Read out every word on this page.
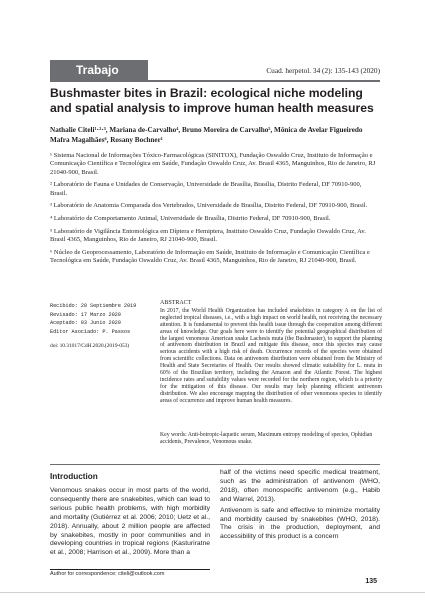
Trabajo	Cuad. herpetol. 34 (2): 135-143 (2020)
Bushmaster bites in Brazil: ecological niche modeling and spatial analysis to improve human health measures
Nathalie Citeli¹·²·³, Mariana de-Carvalho⁴, Bruno Moreira de Carvalho⁵, Mônica de Avelar Figueiredo Mafra Magalhães⁶, Rosany Bochner¹
¹ Sistema Nacional de Informações Tóxico-Farmacológicas (SINITOX), Fundação Oswaldo Cruz, Instituto de Informação e Comunicação Científica e Tecnológica em Saúde, Fundação Oswaldo Cruz, Av. Brasil 4365, Manguinhos, Rio de Janeiro, RJ 21040-900, Brasil.
² Laboratório de Fauna e Unidades de Conservação, Universidade de Brasília, Brasília, Distrito Federal, DF 70910-900, Brasil.
³ Laboratório de Anatomia Comparada dos Vertebrados, Universidade de Brasília, Distrito Federal, DF 70910-900, Brasil.
⁴ Laboratório de Comportamento Animal, Universidade de Brasília, Distrito Federal, DF 70910-900, Brasil.
⁵ Laboratório de Vigilância Entomológica em Díptera e Hemiptera, Instituto Oswaldo Cruz, Fundação Oswaldo Cruz, Av. Brasil 4365, Manguinhos, Rio de Janeiro, RJ 21040-900, Brasil.
⁶ Núcleo de Geoprocessamento, Laboratório de Informação em Saúde, Instituto de Informação e Comunicação Científica e Tecnológica em Saúde, Fundação Oswaldo Cruz, Av. Brasil 4365, Manguinhos, Rio de Janeiro, RJ 21040-900, Brasil.
Recibido: 20 Septiembre 2019
Revisado: 17 Marzo 2020
Aceptado: 03 Junio 2020
Editor Asociado: P. Passos
doi: 10.31017/CdH.2020.(2019-053)
ABSTRACT
In 2017, the World Health Organization has included snakebites in category A on the list of neglected tropical diseases, i.e., with a high impact on world health, not receiving the necessary attention. It is fundamental to prevent this health issue through the cooperation among different areas of knowledge. Our goals here were to identify the potential geographical distribution of the largest venomous American snake Lachesis muta (the Bushmaster), to support the planning of antivenom distribution in Brazil and mitigate this disease, once this species may cause serious accidents with a high risk of death. Occurrence records of the species were obtained from scientific collections. Data on antivenom distribution were obtained from the Ministry of Health and State Secretaries of Health. Our results showed climatic suitability for L. muta in 60% of the Brazilian territory, including the Amazon and the Atlantic Forest. The highest incidence rates and suitability values were recorded for the northern region, which is a priority for the mitigation of this disease. Our results may help planning efficient antivenom distribution. We also encourage mapping the distribution of other venomous species to identify areas of occurrence and improve human health measures.
Key words: Anti-botropic-laquetic serum, Maximum entropy modeling of species, Ophidian accidents, Prevalence, Venomous snake.
Introduction

Venomous snakes occur in most parts of the world, consequently there are snakebites, which can lead to serious public health problems, with high morbidity and mortality (Gutiérrez et al. 2006; 2010; Uetz et al., 2018). Annually, about 2 million people are affected by snakebites, mostly in poor communities and in developing countries in tropical regions (Kasturiratne et al., 2008; Harrison et al., 2009). More than a

half of the victims need specific medical treatment, such as the administration of antivenom (WHO, 2018), often monospecific antivenom (e.g., Habib and Warrel, 2013).

Antivenom is safe and effective to minimize mortality and morbidity caused by snakebites (WHO, 2018). The crisis in the production, deployment, and accessibility of this product is a concern

Author for correspondence: citeli@outlook.com
135
